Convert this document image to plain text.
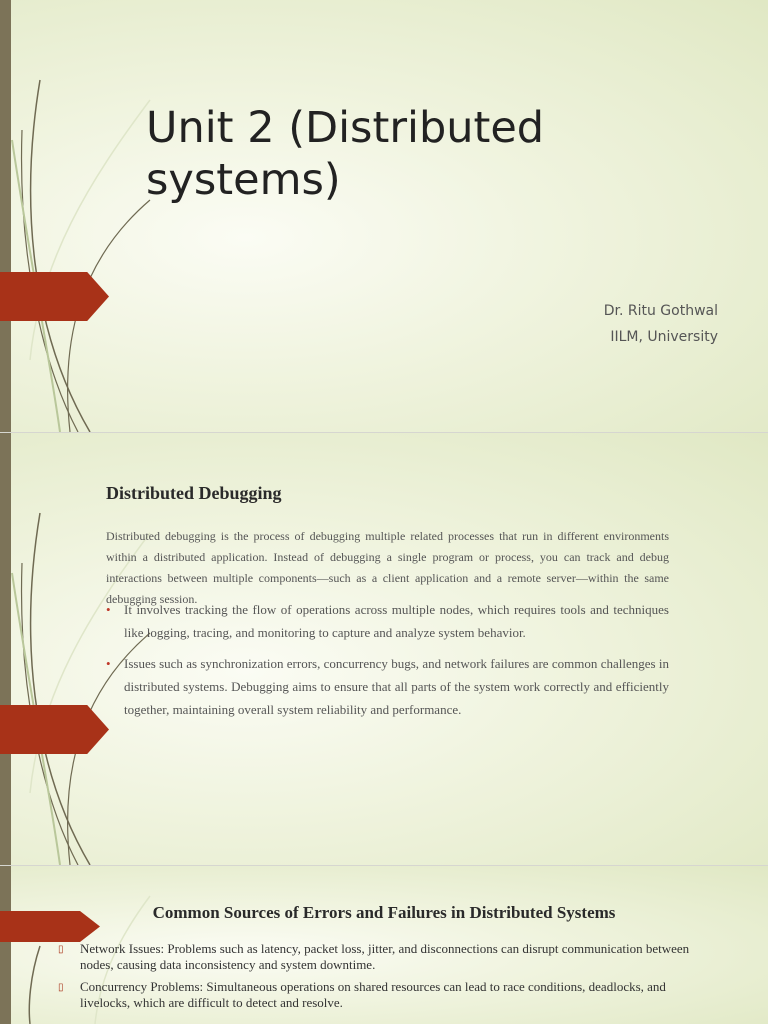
Unit 2 (Distributed systems)

Dr. Ritu Gothwal

IILM, University

Distributed Debugging

Distributed debugging is the process of debugging multiple related processes that run in different environments within a distributed application. Instead of debugging a single program or process, you can track and debug interactions between multiple components—such as a client application and a remote server—within the same debugging session.

• It involves tracking the flow of operations across multiple nodes, which requires tools and techniques like logging, tracing, and monitoring to capture and analyze system behavior.
• Issues such as synchronization errors, concurrency bugs, and network failures are common challenges in distributed systems. Debugging aims to ensure that all parts of the system work correctly and efficiently together, maintaining overall system reliability and performance.
Common Sources of Errors and Failures in Distributed Systems
▯ Network Issues: Problems such as latency, packet loss, jitter, and disconnections can disrupt communication between nodes, causing data inconsistency and system downtime.
▯ Concurrency Problems: Simultaneous operations on shared resources can lead to race conditions, deadlocks, and livelocks, which are difficult to detect and resolve.
